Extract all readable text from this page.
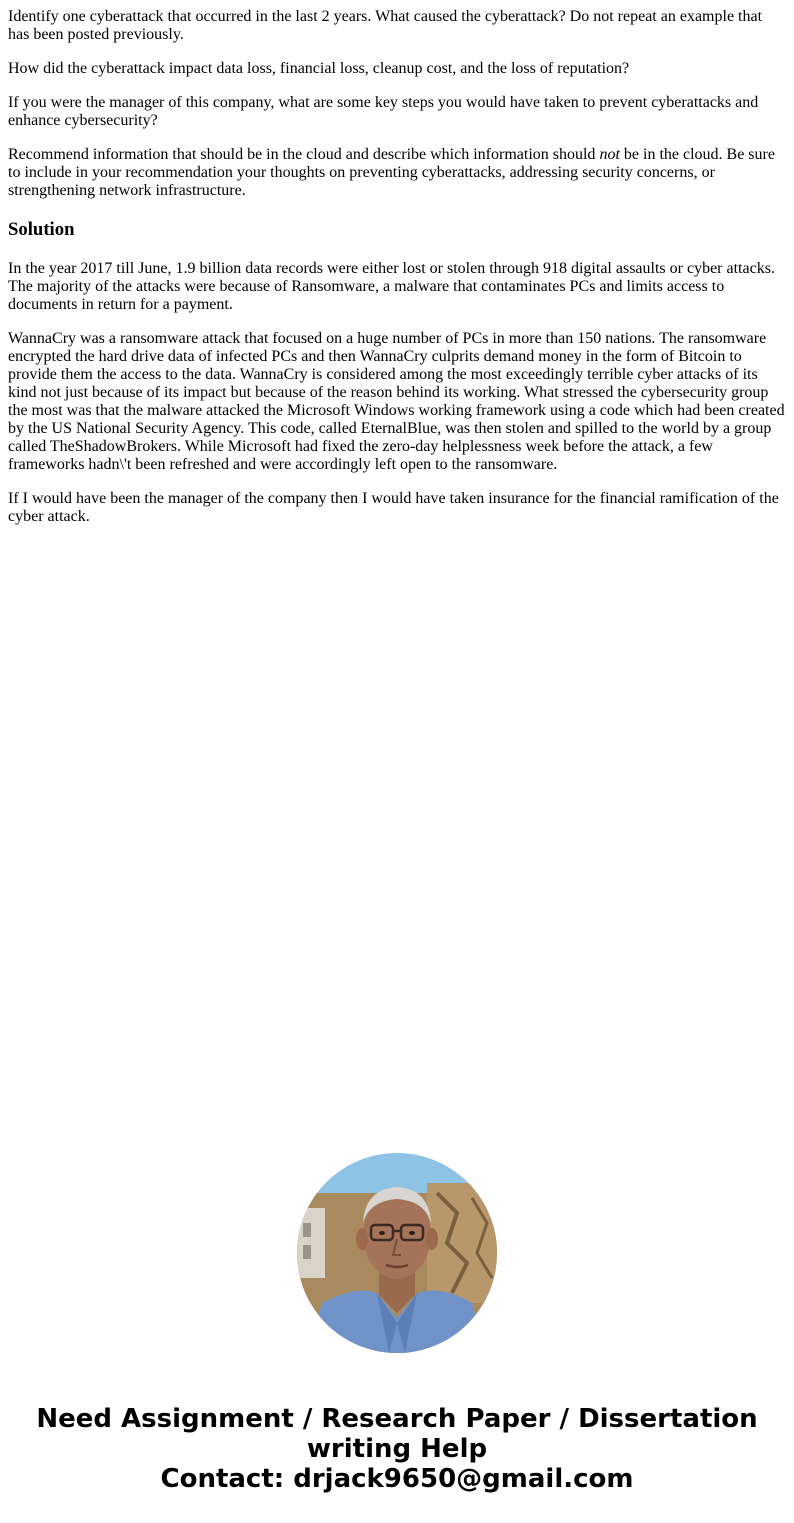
Identify one cyberattack that occurred in the last 2 years. What caused the cyberattack? Do not repeat an example that has been posted previously.

How did the cyberattack impact data loss, financial loss, cleanup cost, and the loss of reputation?

If you were the manager of this company, what are some key steps you would have taken to prevent cyberattacks and enhance cybersecurity?

Recommend information that should be in the cloud and describe which information should not be in the cloud. Be sure to include in your recommendation your thoughts on preventing cyberattacks, addressing security concerns, or strengthening network infrastructure.

Solution

In the year 2017 till June, 1.9 billion data records were either lost or stolen through 918 digital assaults or cyber attacks. The majority of the attacks were because of Ransomware, a malware that contaminates PCs and limits access to documents in return for a payment.

WannaCry was a ransomware attack that focused on a huge number of PCs in more than 150 nations. The ransomware encrypted the hard drive data of infected PCs and then WannaCry culprits demand money in the form of Bitcoin to provide them the access to the data. WannaCry is considered among the most exceedingly terrible cyber attacks of its kind not just because of its impact but because of the reason behind its working. What stressed the cybersecurity group the most was that the malware attacked the Microsoft Windows working framework using a code which had been created by the US National Security Agency. This code, called EternalBlue, was then stolen and spilled to the world by a group called TheShadowBrokers. While Microsoft had fixed the zero-day helplessness week before the attack, a few frameworks hadn\'t been refreshed and were accordingly left open to the ransomware.

If I would have been the manager of the company then I would have taken insurance for the financial ramification of the cyber attack.

Need Assignment / Research Paper / Dissertation
writing Help
Contact: drjack9650@gmail.com
